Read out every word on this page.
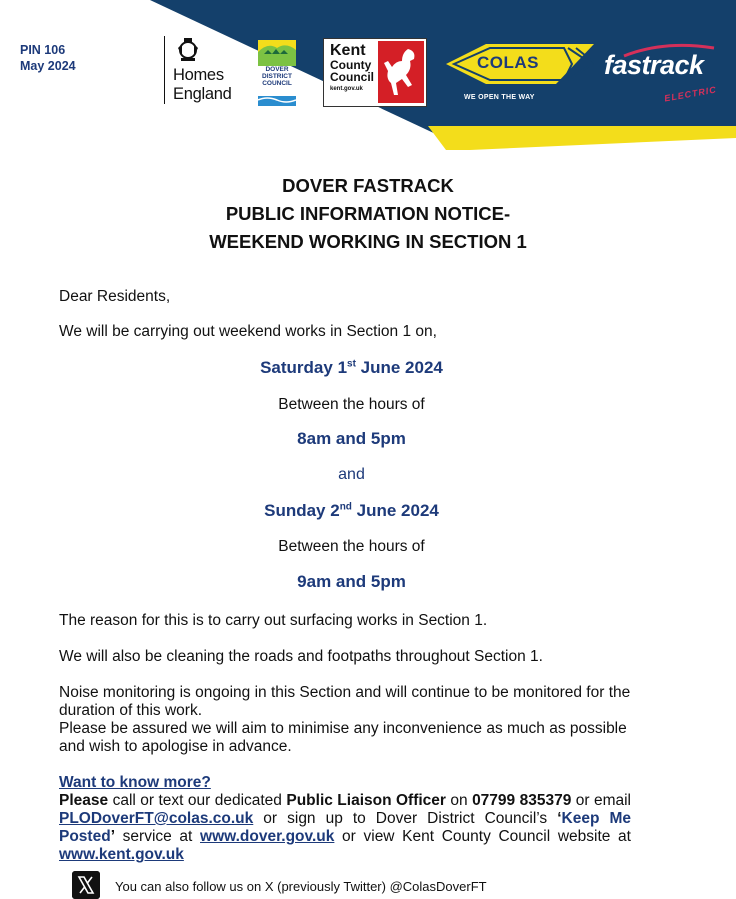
PIN 106
May 2024	Homes
England
DOVER
DISTRICT
COUNCIL
Kent
County
Council
kent.gov.uk
COLAS
WE OPEN THE WAY
fastrack
ELECTRIC
DOVER FASTRACK
PUBLIC INFORMATION NOTICE-
WEEKEND WORKING IN SECTION 1
Dear Residents,
We will be carrying out weekend works in Section 1 on,
Saturday 1st June 2024
Between the hours of
8am and 5pm
and
Sunday 2nd June 2024
Between the hours of
9am and 5pm
The reason for this is to carry out surfacing works in Section 1.
We will also be cleaning the roads and footpaths throughout Section 1.
Noise monitoring is ongoing in this Section and will continue to be monitored for the duration of this work.
Please be assured we will aim to minimise any inconvenience as much as possible and wish to apologise in advance.
Want to know more?
Please call or text our dedicated Public Liaison Officer on 07799 835379 or email PLODoverFT@colas.co.uk or sign up to Dover District Council’s ‘Keep Me Posted’ service at www.dover.gov.uk or view Kent County Council website at www.kent.gov.uk
You can also follow us on X (previously Twitter) @ColasDoverFT
